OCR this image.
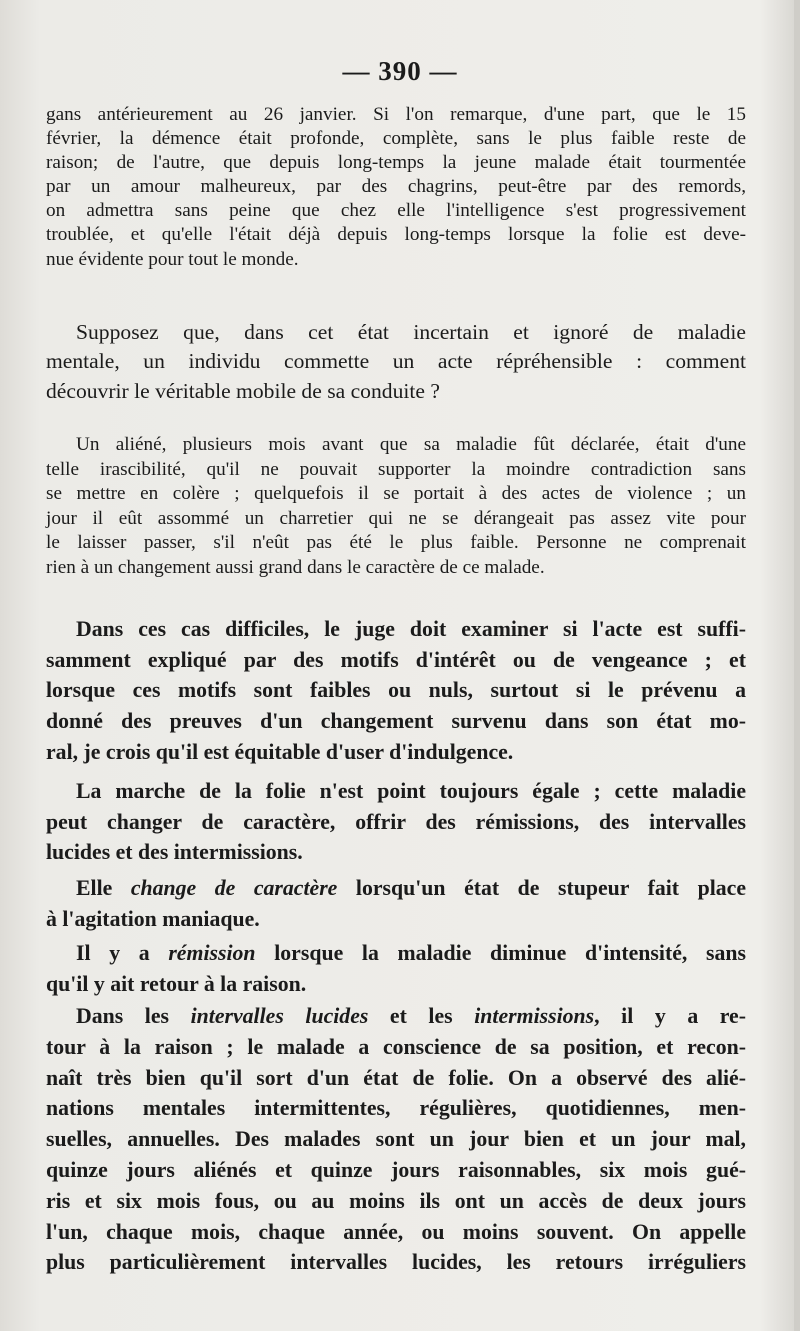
— 390 —
gans antérieurement au 26 janvier. Si l'on remarque, d'une part, que le 15
février, la démence était profonde, complète, sans le plus faible reste de
raison; de l'autre, que depuis long-temps la jeune malade était tourmentée
par un amour malheureux, par des chagrins, peut-être par des remords,
on admettra sans peine que chez elle l'intelligence s'est progressivement
troublée, et qu'elle l'était déjà depuis long-temps lorsque la folie est deve-
nue évidente pour tout le monde.
Supposez que, dans cet état incertain et ignoré de maladie
mentale, un individu commette un acte répréhensible : comment
découvrir le véritable mobile de sa conduite ?
Un aliéné, plusieurs mois avant que sa maladie fût déclarée, était d'une
telle irascibilité, qu'il ne pouvait supporter la moindre contradiction sans
se mettre en colère ; quelquefois il se portait à des actes de violence ; un
jour il eût assommé un charretier qui ne se dérangeait pas assez vite pour
le laisser passer, s'il n'eût pas été le plus faible. Personne ne comprenait
rien à un changement aussi grand dans le caractère de ce malade.
Dans ces cas difficiles, le juge doit examiner si l'acte est suffi-
samment expliqué par des motifs d'intérêt ou de vengeance ; et
lorsque ces motifs sont faibles ou nuls, surtout si le prévenu a
donné des preuves d'un changement survenu dans son état mo-
ral, je crois qu'il est équitable d'user d'indulgence.
La marche de la folie n'est point toujours égale ; cette maladie
peut changer de caractère, offrir des rémissions, des intervalles
lucides et des intermissions.
Elle change de caractère lorsqu'un état de stupeur fait place
à l'agitation maniaque.
Il y a rémission lorsque la maladie diminue d'intensité, sans
qu'il y ait retour à la raison.
Dans les intervalles lucides et les intermissions, il y a re-
tour à la raison ; le malade a conscience de sa position, et recon-
naît très bien qu'il sort d'un état de folie. On a observé des alié-
nations mentales intermittentes, régulières, quotidiennes, men-
suelles, annuelles. Des malades sont un jour bien et un jour mal,
quinze jours aliénés et quinze jours raisonnables, six mois gué-
ris et six mois fous, ou au moins ils ont un accès de deux jours
l'un, chaque mois, chaque année, ou moins souvent. On appelle
plus particulièrement intervalles lucides, les retours irréguliers
